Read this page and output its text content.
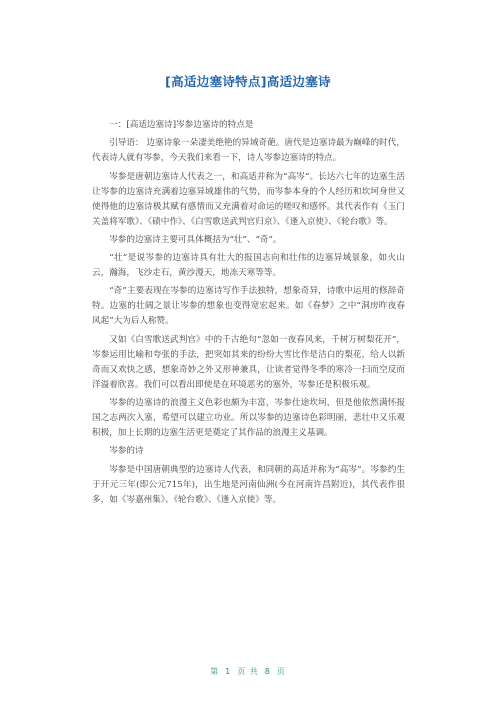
[高适边塞诗特点]高适边塞诗

一：[高适边塞诗]岑参边塞诗的特点是

引导语： 边塞诗象一朵凄美绝艳的异域奇葩。唐代是边塞诗最为巅峰的时代，代表诗人就有岑参，今天我们来看一下，诗人岑参边塞诗的特点。

岑参是唐朝边塞诗人代表之一，和高适并称为“高岑”。长达六七年的边塞生活让岑参的边塞诗充满着边塞异域雄伟的气势，而岑参本身的个人经历和坎坷身世又使得他的边塞诗极其赋有感情而又充满着对命运的嗟叹和感怀。其代表作有《玉门关盖将军歌》、《碛中作》、《白雪歌送武判官归京》、《逢入京使》、《轮台歌》等。

岑参的边塞诗主要可具体概括为“壮”、“奇”。

“壮”是说岑参的边塞诗具有壮大的报国志向和壮伟的边塞异域景象，如火山云，瀚海，飞沙走石，黄沙漫天，地冻天寒等等。

“奇”主要表现在岑参的边塞诗写作手法独特，想象奇异，诗歌中运用的修辞奇特。边塞的壮阔之景让岑参的想象也变得宽宏起来。如《春梦》之中“洞房昨夜春风起”大为后人称赞。

又如《白雪歌送武判官》中的千古绝句“忽如一夜春风来，千树万树梨花开”，岑参运用比喻和夸张的手法，把突如其来的纷纷大雪比作是洁白的梨花，给人以新奇而又欢快之感，想象奇妙之外又形神兼具，让读者觉得冬季的寒冷一扫而空反而洋溢着欣喜。我们可以看出即使是在环境恶劣的塞外，岑参还是积极乐观。

岑参的边塞诗的浪漫主义色彩也颇为丰富，岑参仕途坎坷，但是他依然满怀报国之志两次入塞，希望可以建立功业。所以岑参的边塞诗色彩明丽，悲壮中又乐观积极，加上长期的边塞生活更是奠定了其作品的浪漫主义基调。

岑参的诗

岑参是中国唐朝典型的边塞诗人代表，和同朝的高适并称为“高岑”。岑参约生于开元三年(即公元715年)，出生地是河南仙洲(今在河南许昌附近)，其代表作很多，如《岑嘉州集》、《轮台歌》、《逢入京使》等。

第 1 页 共 8 页
